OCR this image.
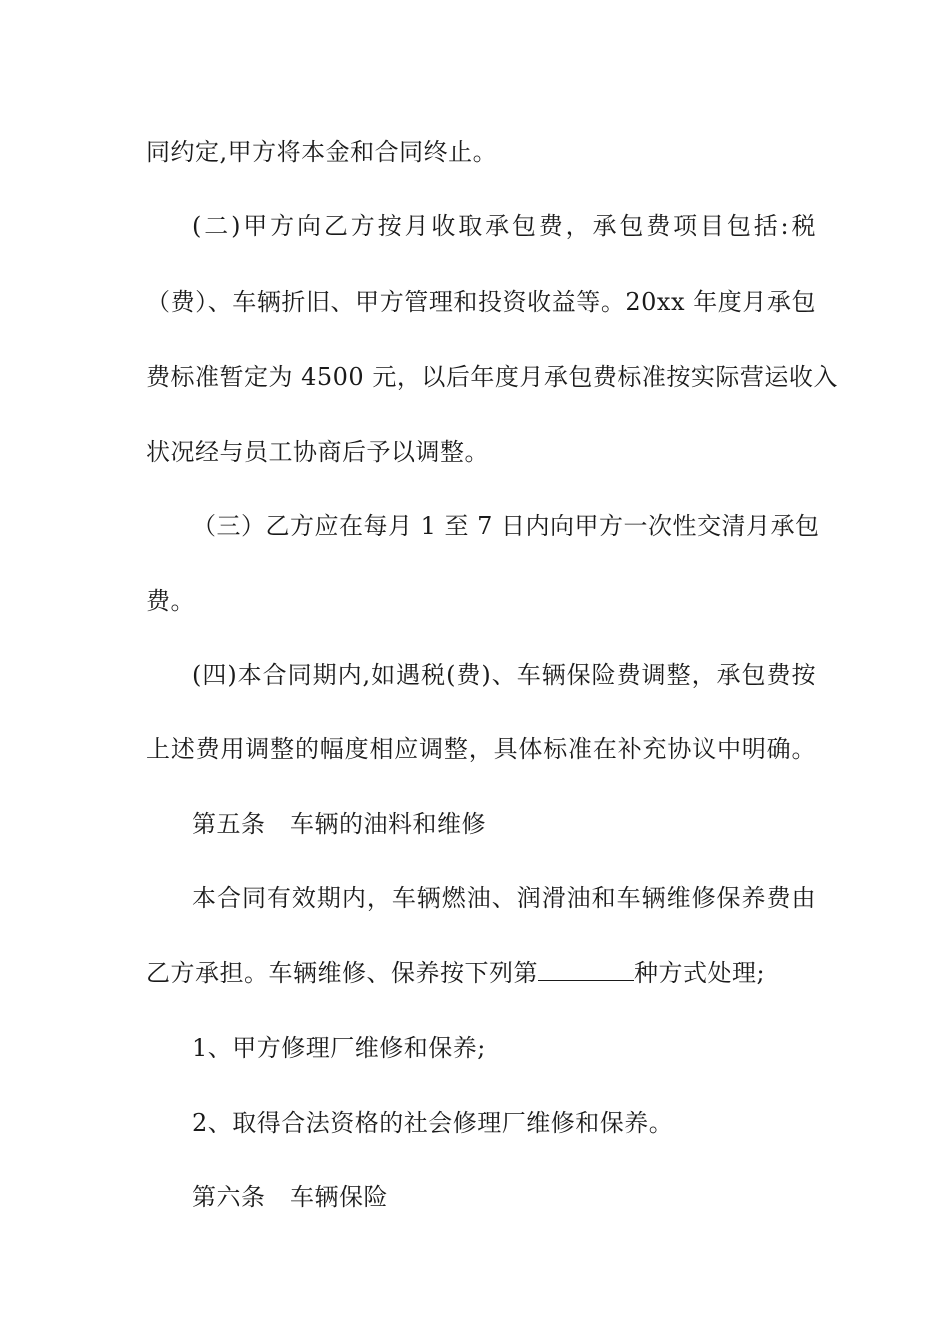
同约定,甲方将本金和合同终止。
(二)甲方向乙方按月收取承包费，承包费项目包括:税
（费）、车辆折旧、甲方管理和投资收益等。20xx 年度月承包
费标准暂定为 4500 元，以后年度月承包费标准按实际营运收入
状况经与员工协商后予以调整。
（三）乙方应在每月 1 至 7 日内向甲方一次性交清月承包
费。
(四)本合同期内,如遇税(费)、车辆保险费调整，承包费按
上述费用调整的幅度相应调整，具体标准在补充协议中明确。
第五条　车辆的油料和维修
本合同有效期内，车辆燃油、润滑油和车辆维修保养费由
乙方承担。车辆维修、保养按下列第	种方式处理;
1、甲方修理厂维修和保养;
2、取得合法资格的社会修理厂维修和保养。
第六条　车辆保险
